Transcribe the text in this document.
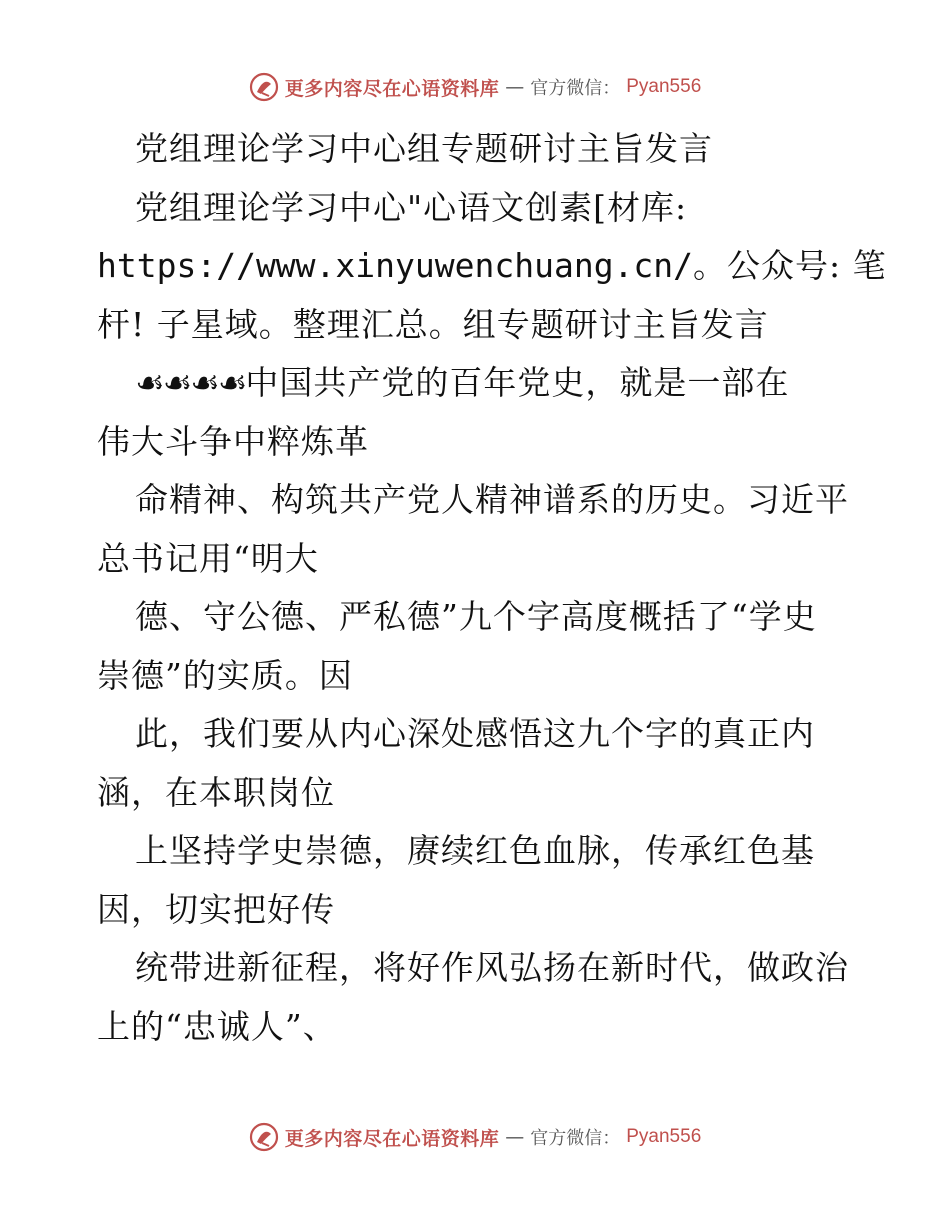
更多内容尽在心语资料库 — 官方微信： Pyan556
党组理论学习中心组专题研讨主旨发言
党组理论学习中心"心语文创素[材库:
https://www.xinyuwenchuang.cn/。公众号: 笔
杆! 子星域。整理汇总。组专题研讨主旨发言
☙☙☙☙中国共产党的百年党史，就是一部在
伟大斗争中粹炼革
命精神、构筑共产党人精神谱系的历史。习近平
总书记用“明大
德、守公德、严私德”九个字高度概括了“学史
崇德”的实质。因
此，我们要从内心深处感悟这九个字的真正内
涵，在本职岗位
上坚持学史崇德，赓续红色血脉，传承红色基
因，切实把好传
统带进新征程，将好作风弘扬在新时代，做政治
上的“忠诚人”、
更多内容尽在心语资料库 — 官方微信： Pyan556
